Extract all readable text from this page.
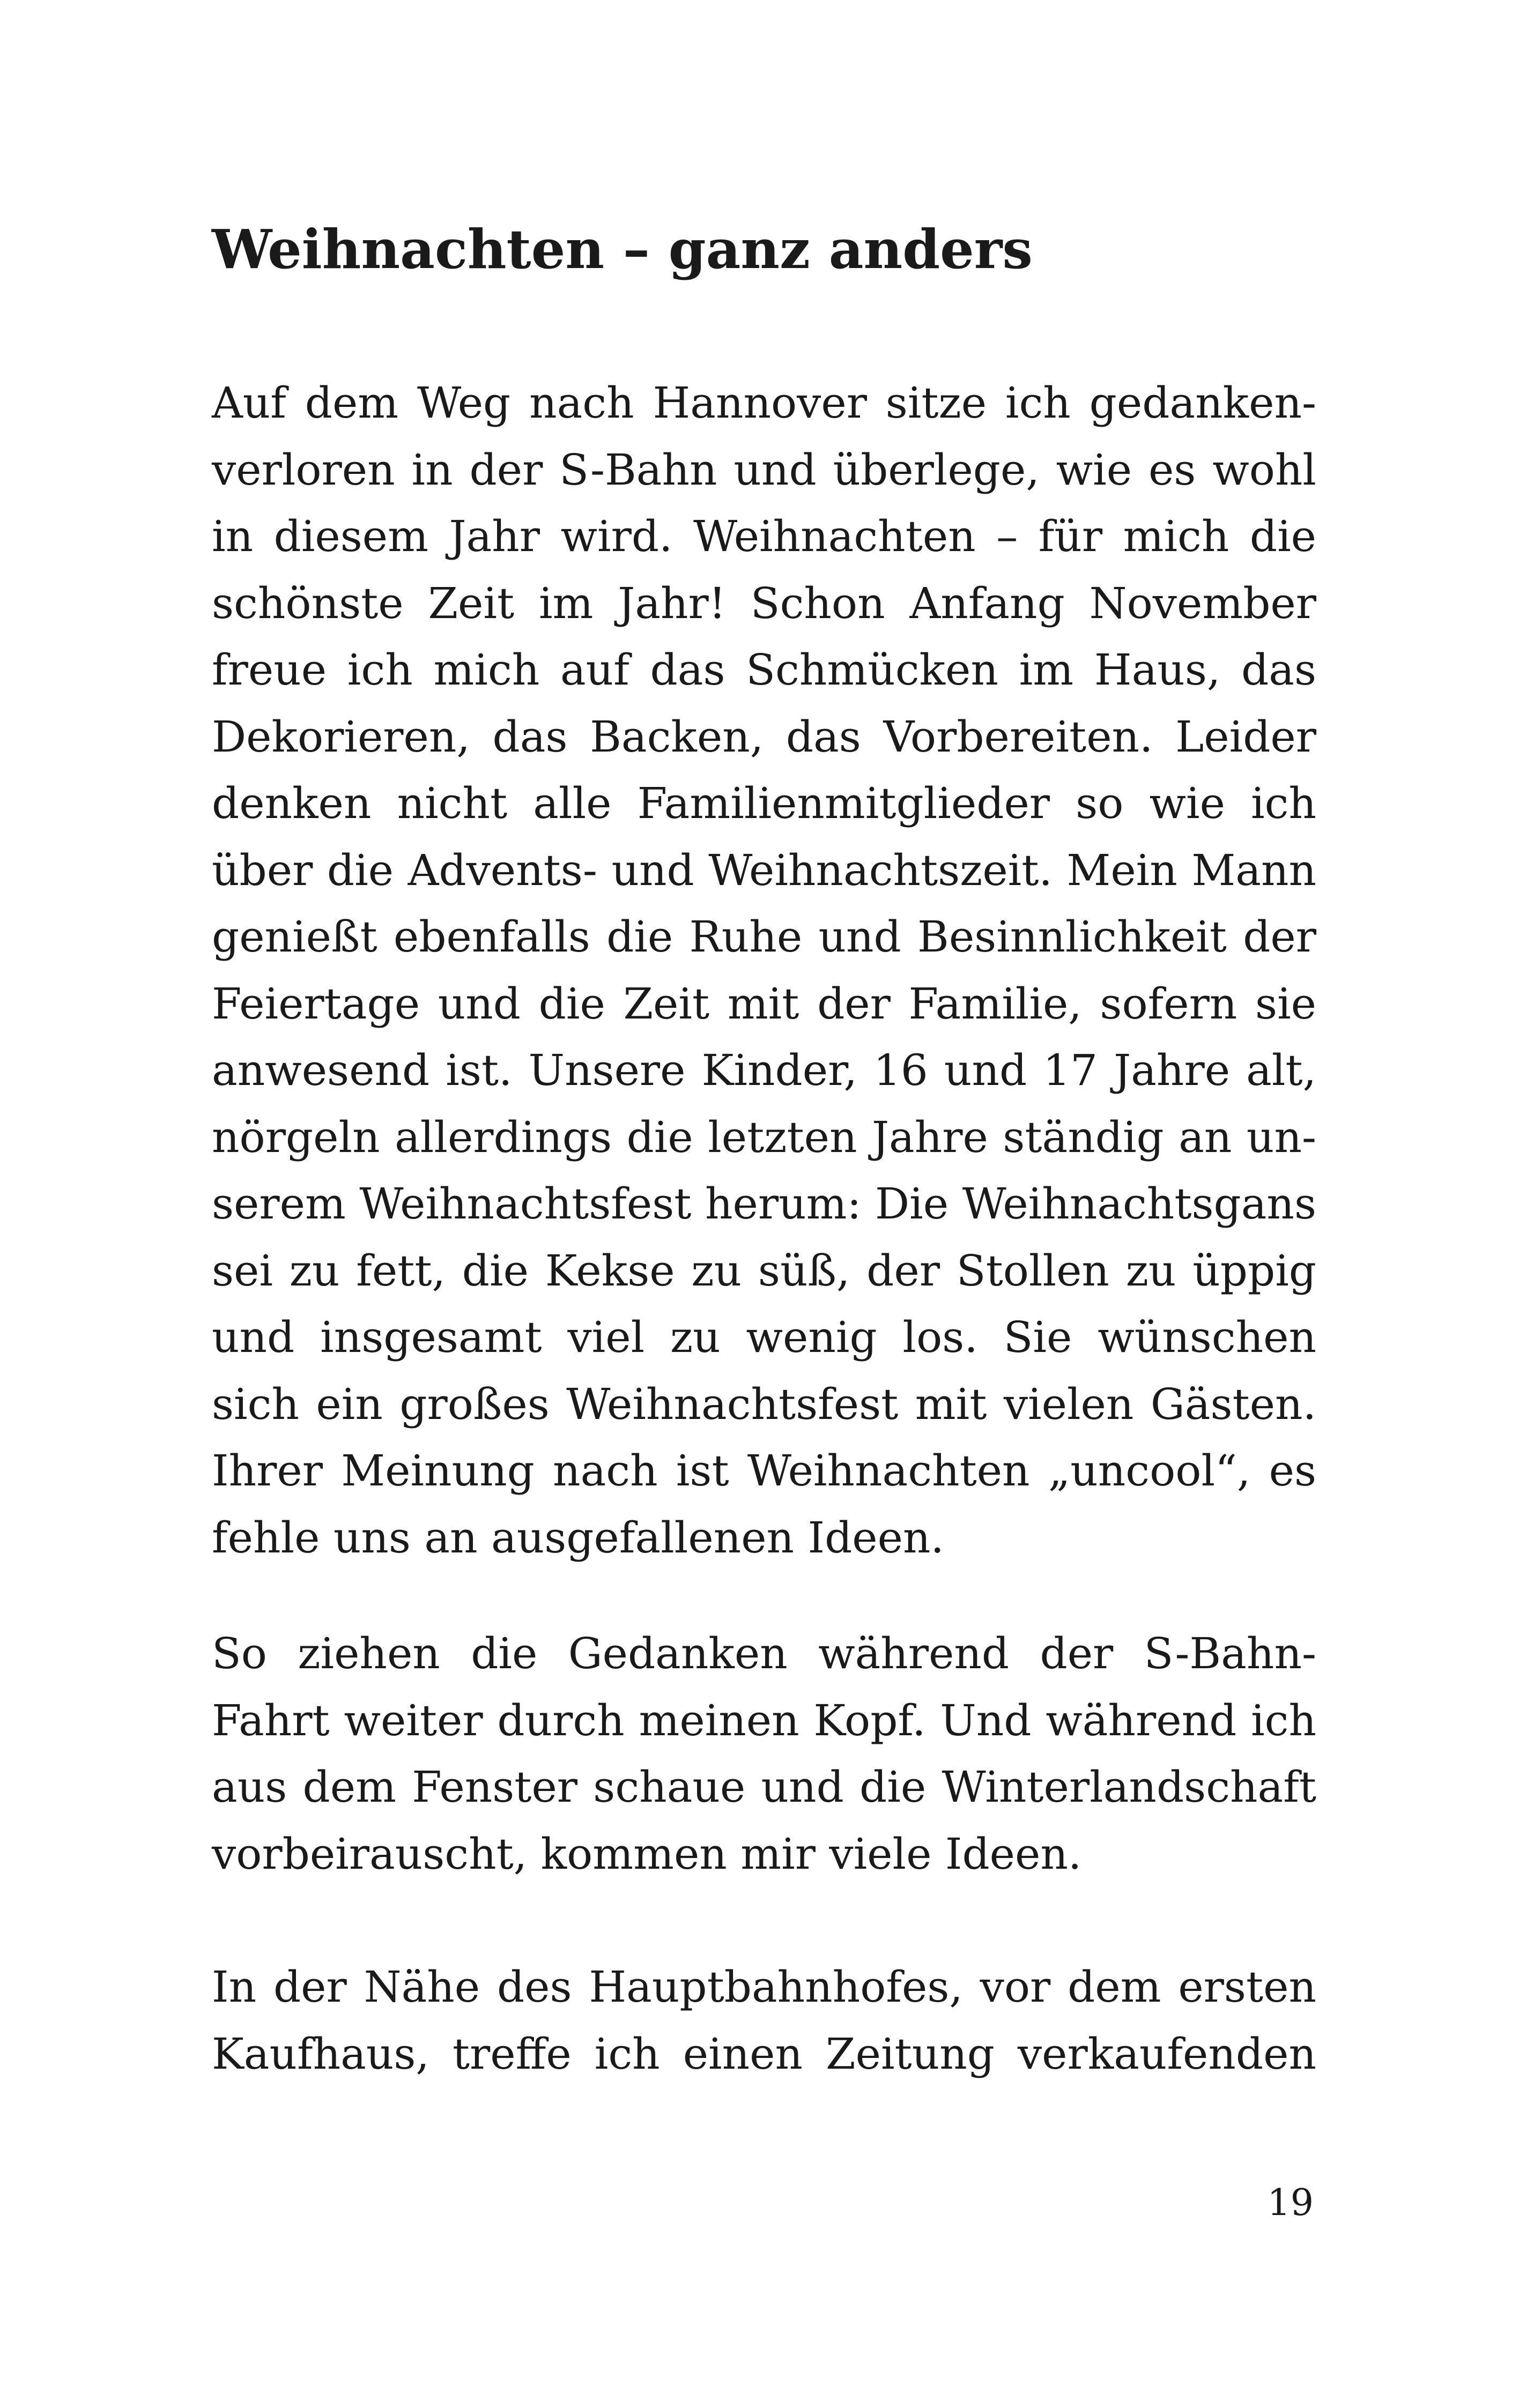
Weihnachten – ganz anders
Auf dem Weg nach Hannover sitze ich gedanken-
verloren in der S-Bahn und überlege, wie es wohl
in diesem Jahr wird. Weihnachten – für mich die
schönste Zeit im Jahr! Schon Anfang November
freue ich mich auf das Schmücken im Haus, das
Dekorieren, das Backen, das Vorbereiten. Leider
denken nicht alle Familienmitglieder so wie ich
über die Advents- und Weihnachtszeit. Mein Mann
genießt ebenfalls die Ruhe und Besinnlichkeit der
Feiertage und die Zeit mit der Familie, sofern sie
anwesend ist. Unsere Kinder, 16 und 17 Jahre alt,
nörgeln allerdings die letzten Jahre ständig an un-
serem Weihnachtsfest herum: Die Weihnachtsgans
sei zu fett, die Kekse zu süß, der Stollen zu üppig
und insgesamt viel zu wenig los. Sie wünschen
sich ein großes Weihnachtsfest mit vielen Gästen.
Ihrer Meinung nach ist Weihnachten „uncool“, es
fehle uns an ausgefallenen Ideen.
So ziehen die Gedanken während der S-Bahn-
Fahrt weiter durch meinen Kopf. Und während ich
aus dem Fenster schaue und die Winterlandschaft
vorbeirauscht, kommen mir viele Ideen.
In der Nähe des Hauptbahnhofes, vor dem ersten
Kaufhaus, treffe ich einen Zeitung verkaufenden

19
